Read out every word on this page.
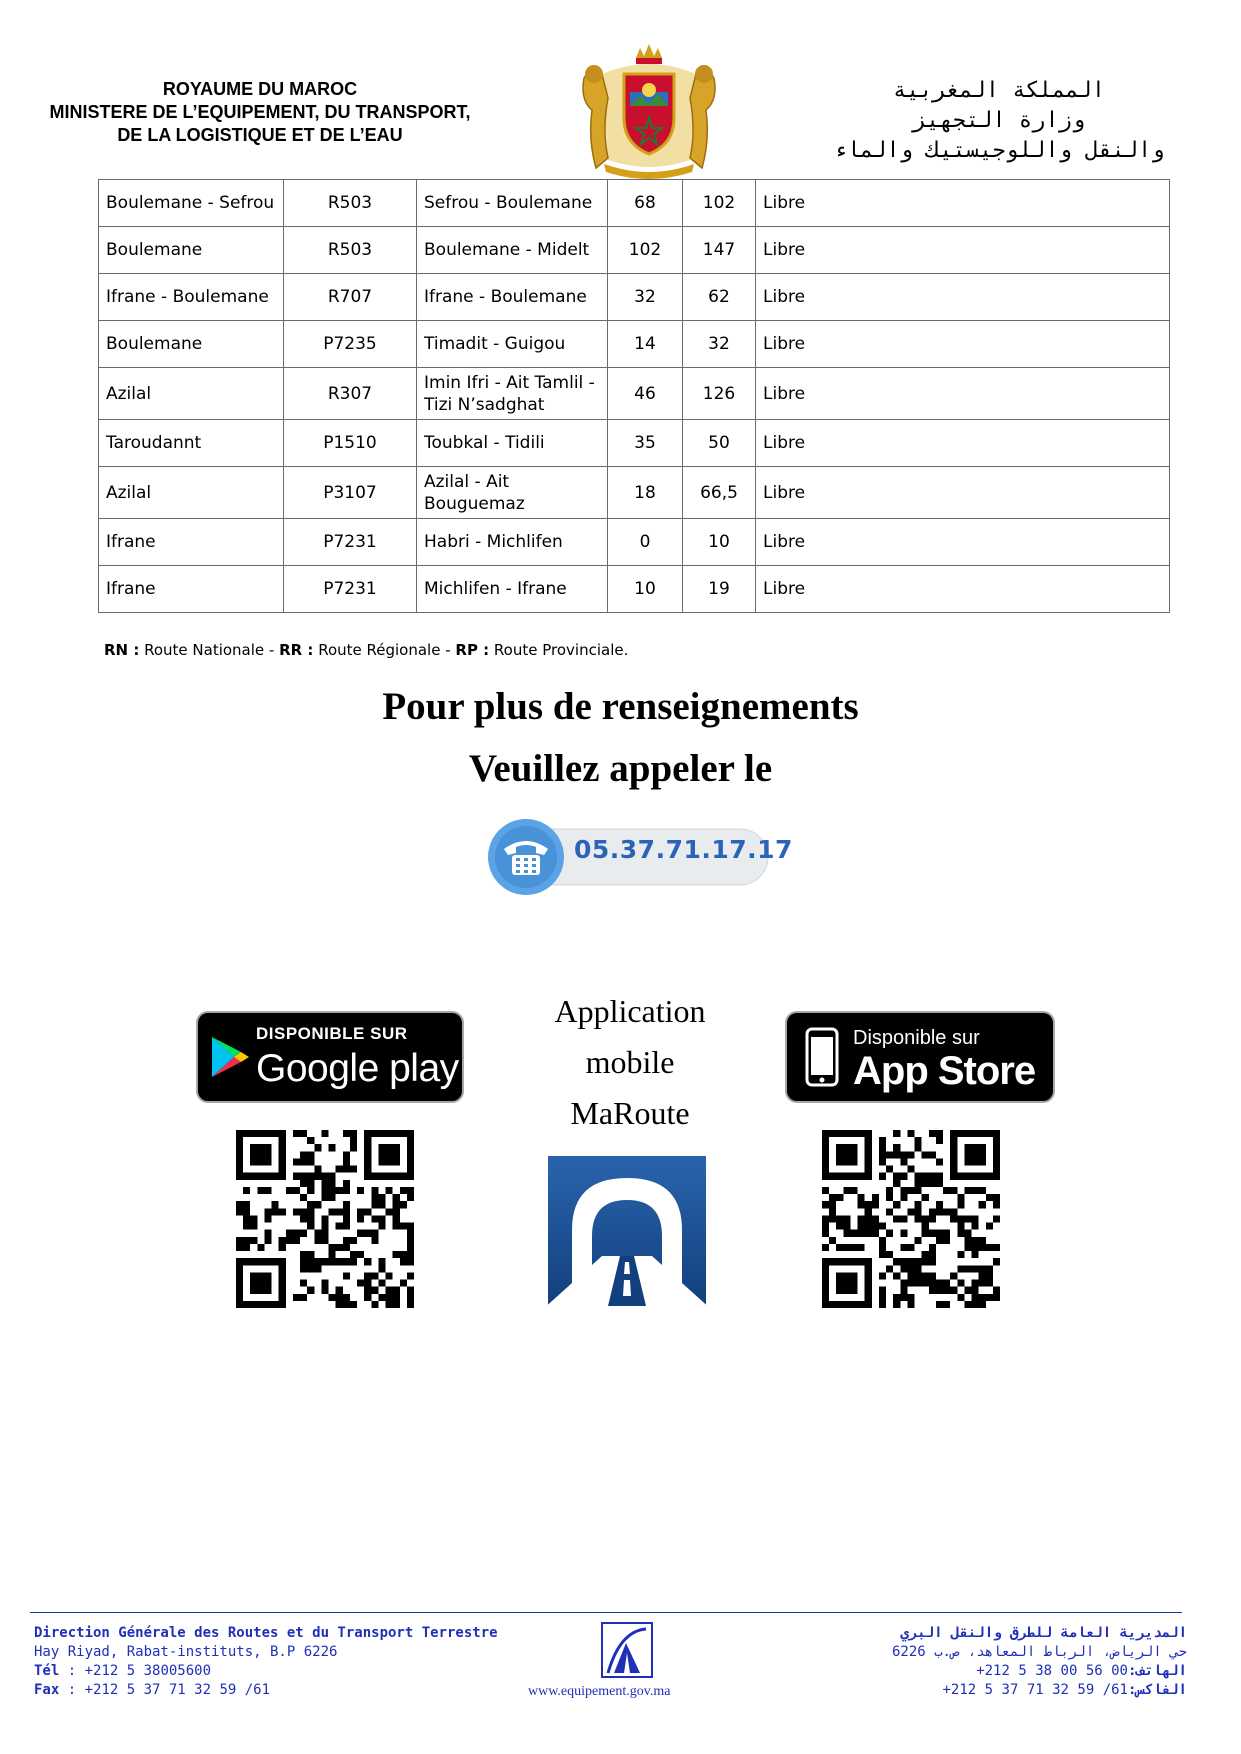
ROYAUME DU MAROC
MINISTERE DE L’EQUIPEMENT, DU TRANSPORT,
DE LA LOGISTIQUE ET DE L’EAU
المملكة المغربية
وزارة التجهيز
والنقل واللوجيستيك والماء
Boulemane - Sefrou	R503	Sefrou - Boulemane	68	102	Libre
Boulemane	R503	Boulemane - Midelt	102	147	Libre
Ifrane - Boulemane	R707	Ifrane - Boulemane	32	62	Libre
Boulemane	P7235	Timadit - Guigou	14	32	Libre
Azilal	R307	Imin Ifri - Ait Tamlil - Tizi N’sadghat	46	126	Libre
Taroudannt	P1510	Toubkal - Tidili	35	50	Libre
Azilal	P3107	Azilal - Ait Bouguemaz	18	66,5	Libre
Ifrane	P7231	Habri - Michlifen	0	10	Libre
Ifrane	P7231	Michlifen - Ifrane	10	19	Libre
RN : Route Nationale - RR : Route Régionale - RP : Route Provinciale.
Pour plus de renseignements
Veuillez appeler le
05.37.71.17.17
DISPONIBLE SUR
Google play
Disponible sur
App Store
Application
mobile
MaRoute
Direction Générale des Routes et du Transport Terrestre
Hay Riyad, Rabat-instituts, B.P 6226
Tél : +212 5 38005600
Fax : +212 5 37 71 32 59 /61	www.equipement.gov.ma
المديرية العامة للطرق والنقل البري
حي الرياض، الرباط المعاهد، ص.ب 6226
الهاتف:00 56 00 38 5 212+
الفاكس:61/ 59 32 71 37 5 212+
